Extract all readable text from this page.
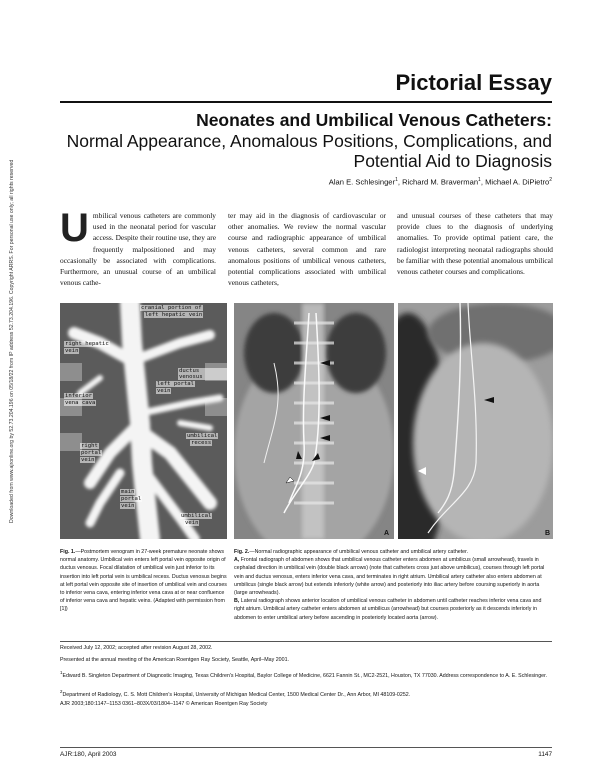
Downloaded from www.ajronline.org by 52.73.204.196 on 05/18/22 from IP address 52.73.204.196. Copyright ARRS. For personal use only; all rights reserved
Pictorial Essay
Neonates and Umbilical Venous Catheters:
Normal Appearance, Anomalous Positions, Complications, and Potential Aid to Diagnosis
Alan E. Schlesinger$^1$, Richard M. Braverman$^1$, Michael A. DiPietro$^2$
Umbilical venous catheters are commonly used in the neonatal period for vascular access. Despite their routine use, they are frequently malpositioned and may occasionally be associated with complications. Furthermore, an unusual course of an umbilical venous cathe-
ter may aid in the diagnosis of cardiovascular or other anomalies. We review the normal vascular course and radiographic appearance of umbilical venous catheters, several common and rare anomalous positions of umbilical venous catheters, potential complications associated with umbilical venous catheters,
and unusual courses of these catheters that may provide clues to the diagnosis of underlying anomalies. To provide optimal patient care, the radiologist interpreting neonatal radiographs should be familiar with these potential anomalous umbilical venous catheter courses and complications.
cranial portion of
left hepatic vein
right hepatic
vein
ductus venosus
left portal
vein
inferior
vena cava
right
portal
vein
umbilical
recess
main
portal
vein
umbilical
vein
A	B
Fig. 1.—Postmortem venogram in 27-week premature neonate shows normal anatomy. Umbilical vein enters left portal vein opposite origin of ductus venosus. Focal dilatation of umbilical vein just inferior to its insertion into left portal vein is umbilical recess. Ductus venosus begins at left portal vein opposite site of insertion of umbilical vein and courses to inferior vena cava, entering inferior vena cava at or near confluence of inferior vena cava and hepatic veins. (Adapted with permission from [1])
Fig. 2.—Normal radiographic appearance of umbilical venous catheter and umbilical artery catheter.
A, Frontal radiograph of abdomen shows that umbilical venous catheter enters abdomen at umbilicus (small arrowhead), travels in cephalad direction in umbilical vein (double black arrows) (note that catheters cross just above umbilicus), courses through left portal vein and ductus venosus, enters inferior vena cava, and terminates in right atrium. Umbilical artery catheter also enters abdomen at umbilicus (single black arrow) but extends inferiorly (white arrow) and posteriorly into iliac artery before coursing superiorly in aorta (large arrowheads).
B, Lateral radiograph shows anterior location of umbilical venous catheter in abdomen until catheter reaches inferior vena cava and right atrium. Umbilical artery catheter enters abdomen at umbilicus (arrowhead) but courses posteriorly as it descends inferiorly in abdomen to enter umbilical artery before ascending in posteriorly located aorta (arrow).
Received July 12, 2002; accepted after revision August 28, 2002.
Presented at the annual meeting of the American Roentgen Ray Society, Seattle, April–May 2001.
$^1$Edward B. Singleton Department of Diagnostic Imaging, Texas Children's Hospital, Baylor College of Medicine, 6621 Fannin St., MC2-2521, Houston, TX 77030. Address correspondence to A. E. Schlesinger.
$^2$Department of Radiology, C. S. Mott Children's Hospital, University of Michigan Medical Center, 1500 Medical Center Dr., Ann Arbor, MI 48109-0252.
AJR 2003;180:1147–1153 0361–803X/03/1804–1147 © American Roentgen Ray Society
AJR:180, April 2003	1147
